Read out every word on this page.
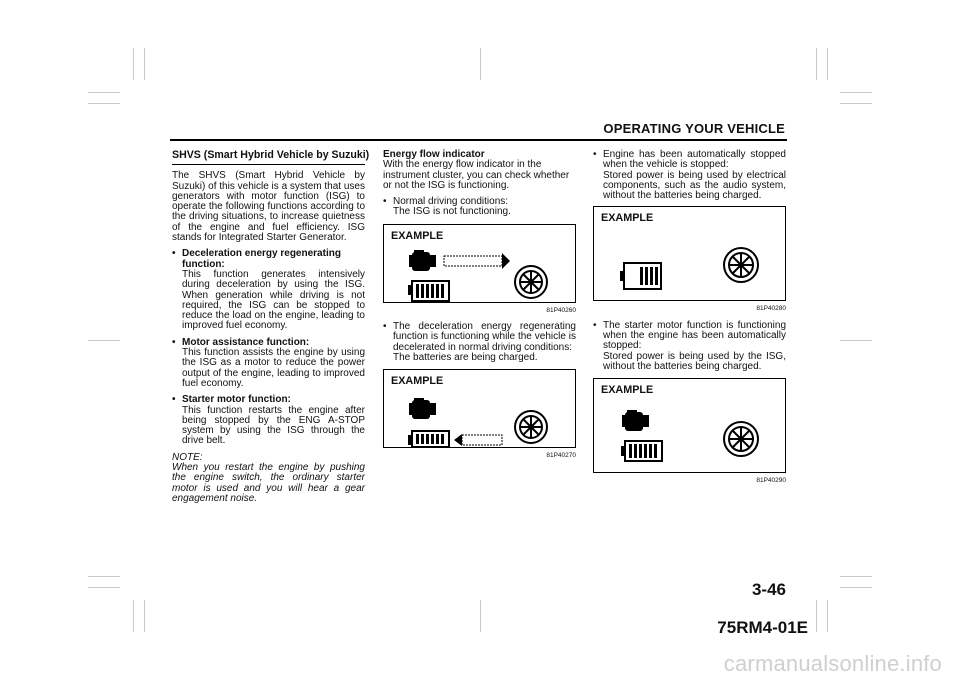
OPERATING YOUR VEHICLE
SHVS (Smart Hybrid Vehicle by Suzuki)

The SHVS (Smart Hybrid Vehicle by Suzuki) of this vehicle is a system that uses generators with motor function (ISG) to operate the following functions according to the driving situations, to increase quietness of the engine and fuel efficiency. ISG stands for Integrated Starter Generator.

• Deceleration energy regenerating function:
This function generates intensively during deceleration by using the ISG. When generation while driving is not required, the ISG can be stopped to reduce the load on the engine, leading to improved fuel economy.
• Motor assistance function:
This function assists the engine by using the ISG as a motor to reduce the power output of the engine, leading to improved fuel economy.
• Starter motor function:
This function restarts the engine after being stopped by the ENG A-STOP system by using the ISG through the drive belt.
NOTE:
When you restart the engine by pushing the engine switch, the ordinary starter motor is used and you will hear a gear engagement noise.
Energy flow indicator

With the energy flow indicator in the instrument cluster, you can check whether or not the ISG is functioning.

• Normal driving conditions:
The ISG is not functioning.
EXAMPLE
81P40260
• The deceleration energy regenerating function is functioning while the vehicle is decelerated in normal driving conditions:
The batteries are being charged.
EXAMPLE
81P40270
• Engine has been automatically stopped when the vehicle is stopped:
Stored power is being used by electrical components, such as the audio system, without the batteries being charged.
EXAMPLE
81P40280
• The starter motor function is functioning when the engine has been automatically stopped:
Stored power is being used by the ISG, without the batteries being charged.
EXAMPLE
81P40290
3-46
75RM4-01E
carmanualsonline.info
